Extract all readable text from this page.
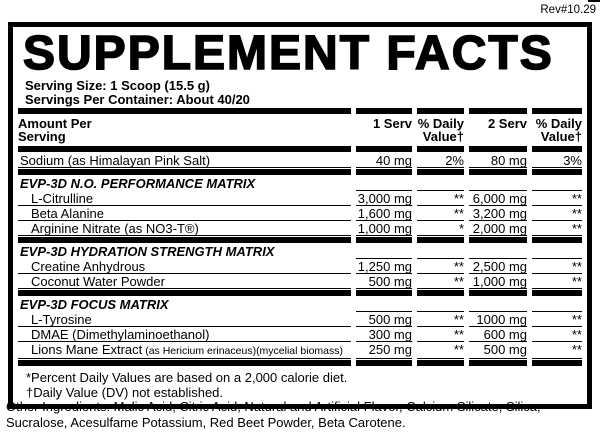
Rev#10.29
SUPPLEMENT FACTS
Serving Size: 1 Scoop (15.5 g)
Servings Per Container: About 40/20
Amount Per
Serving
1 Serv % Daily
Value†
2 Serv % Daily
Value†
Sodium (as Himalayan Pink Salt)	40 mg	2%	80 mg	3%
EVP-3D N.O. PERFORMANCE MATRIX
L-Citrulline	3,000 mg	** 6,000 mg	**
Beta Alanine	1,600 mg	** 3,200 mg	**
Arginine Nitrate (as NO3-T®)	1,000 mg	* 2,000 mg	**
EVP-3D HYDRATION STRENGTH MATRIX
Creatine Anhydrous	1,250 mg	** 2,500 mg	**
Coconut Water Powder	500 mg	** 1,000 mg	**
EVP-3D FOCUS MATRIX
L-Tyrosine	500 mg	** 1000 mg	**
DMAE (Dimethylaminoethanol)	300 mg	**	600 mg	**
Lions Mane Extract (as Hericium erinaceus)(mycelial biomass)	250 mg	**	500 mg	**
*Percent Daily Values are based on a 2,000 calorie diet.
†Daily Value (DV) not established.
Other Ingredients: Malic Acid, Citric Acid, Natural and Artificial Flavor, Calcium Silicate, Silica, Sucralose, Acesulfame Potassium, Red Beet Powder, Beta Carotene.
